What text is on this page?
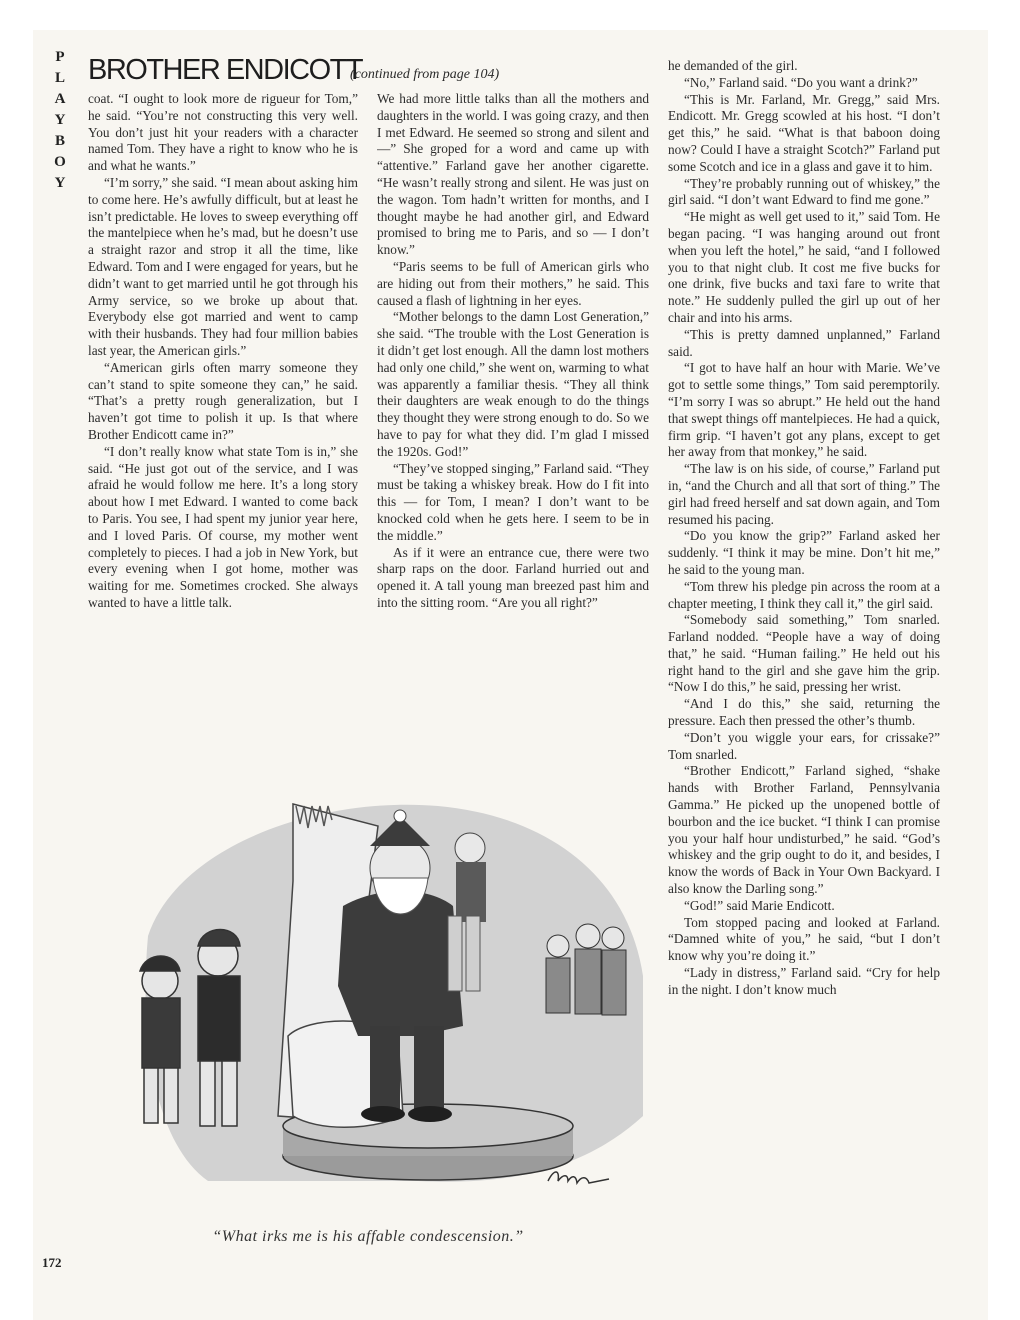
P
L
A
Y
B
O
Y
BROTHER ENDICOTT
(continued from page 104)

coat. “I ought to look more de rigueur for Tom,” he said. “You’re not constructing this very well. You don’t just hit your readers with a character named Tom. They have a right to know who he is and what he wants.”

“I’m sorry,” she said. “I mean about asking him to come here. He’s awfully difficult, but at least he isn’t predictable. He loves to sweep everything off the mantelpiece when he’s mad, but he doesn’t use a straight razor and strop it all the time, like Edward. Tom and I were engaged for years, but he didn’t want to get married until he got through his Army service, so we broke up about that. Everybody else got married and went to camp with their husbands. They had four million babies last year, the American girls.”

“American girls often marry someone they can’t stand to spite someone they can,” he said. “That’s a pretty rough generalization, but I haven’t got time to polish it up. Is that where Brother Endicott came in?”

“I don’t really know what state Tom is in,” she said. “He just got out of the service, and I was afraid he would follow me here. It’s a long story about how I met Edward. I wanted to come back to Paris. You see, I had spent my junior year here, and I loved Paris. Of course, my mother went completely to pieces. I had a job in New York, but every evening when I got home, mother was waiting for me. Sometimes crocked. She always wanted to have a little talk.

We had more little talks than all the mothers and daughters in the world. I was going crazy, and then I met Edward. He seemed so strong and silent and —” She groped for a word and came up with “attentive.” Farland gave her another cigarette. “He wasn’t really strong and silent. He was just on the wagon. Tom hadn’t written for months, and I thought maybe he had another girl, and Edward promised to bring me to Paris, and so — I don’t know.”

“Paris seems to be full of American girls who are hiding out from their mothers,” he said. This caused a flash of lightning in her eyes.

“Mother belongs to the damn Lost Generation,” she said. “The trouble with the Lost Generation is it didn’t get lost enough. All the damn lost mothers had only one child,” she went on, warming to what was apparently a familiar thesis. “They all think their daughters are weak enough to do the things they thought they were strong enough to do. So we have to pay for what they did. I’m glad I missed the 1920s. God!”

“They’ve stopped singing,” Farland said. “They must be taking a whiskey break. How do I fit into this — for Tom, I mean? I don’t want to be knocked cold when he gets here. I seem to be in the middle.”

As if it were an entrance cue, there were two sharp raps on the door. Farland hurried out and opened it. A tall young man breezed past him and into the sitting room. “Are you all right?”

he demanded of the girl.

“No,” Farland said. “Do you want a drink?”

“This is Mr. Farland, Mr. Gregg,” said Mrs. Endicott. Mr. Gregg scowled at his host. “I don’t get this,” he said. “What is that baboon doing now? Could I have a straight Scotch?” Farland put some Scotch and ice in a glass and gave it to him.

“They’re probably running out of whiskey,” the girl said. “I don’t want Edward to find me gone.”

“He might as well get used to it,” said Tom. He began pacing. “I was hanging around out front when you left the hotel,” he said, “and I followed you to that night club. It cost me five bucks for one drink, five bucks and taxi fare to write that note.” He suddenly pulled the girl up out of her chair and into his arms.

“This is pretty damned unplanned,” Farland said.

“I got to have half an hour with Marie. We’ve got to settle some things,” Tom said peremptorily. “I’m sorry I was so abrupt.” He held out the hand that swept things off mantelpieces. He had a quick, firm grip. “I haven’t got any plans, except to get her away from that monkey,” he said.

“The law is on his side, of course,” Farland put in, “and the Church and all that sort of thing.” The girl had freed herself and sat down again, and Tom resumed his pacing.

“Do you know the grip?” Farland asked her suddenly. “I think it may be mine. Don’t hit me,” he said to the young man.

“Tom threw his pledge pin across the room at a chapter meeting, I think they call it,” the girl said.

“Somebody said something,” Tom snarled. Farland nodded. “People have a way of doing that,” he said. “Human failing.” He held out his right hand to the girl and she gave him the grip. “Now I do this,” he said, pressing her wrist.

“And I do this,” she said, returning the pressure. Each then pressed the other’s thumb.

“Don’t you wiggle your ears, for crissake?” Tom snarled.

“Brother Endicott,” Farland sighed, “shake hands with Brother Farland, Pennsylvania Gamma.” He picked up the unopened bottle of bourbon and the ice bucket. “I think I can promise you your half hour undisturbed,” he said. “God’s whiskey and the grip ought to do it, and besides, I know the words of Back in Your Own Backyard. I also know the Darling song.”

“God!” said Marie Endicott.

Tom stopped pacing and looked at Farland. “Damned white of you,” he said, “but I don’t know why you’re doing it.”

“Lady in distress,” Farland said. “Cry for help in the night. I don’t know much

“What irks me is his affable condescension.”
172
